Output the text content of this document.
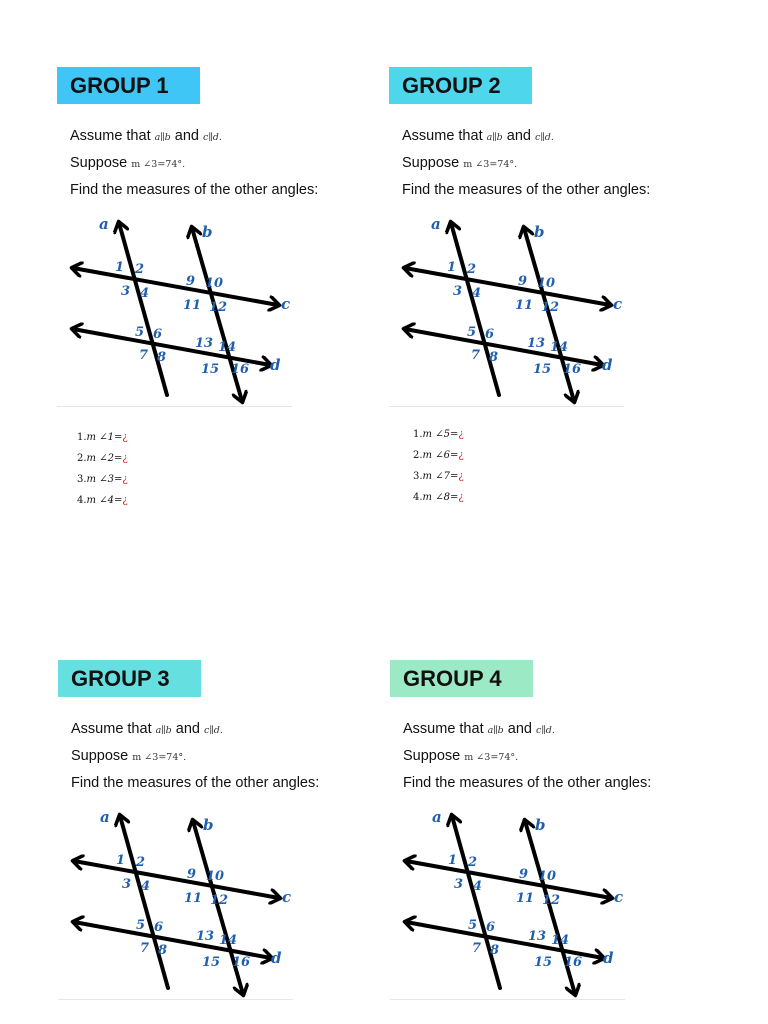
GROUP 1
Assume that a∥b and c∥d.
Suppose m ∠3=74°.
Find the measures of the other angles:
a	b
c
d
1 2
3 4
5 6
7 8
9 10
11 12
13 14
15 16
1.m ∠1=¿
2.m ∠2=¿
3.m ∠3=¿
4.m ∠4=¿
GROUP 2
Assume that a∥b and c∥d.
Suppose m ∠3=74°.
Find the measures of the other angles:
a	b
c
d
1 2
3 4
5 6
7 8
9 10
11 12
13 14
15 16
1.m ∠5=¿
2.m ∠6=¿
3.m ∠7=¿
4.m ∠8=¿
GROUP 3
Assume that a∥b and c∥d.
Suppose m ∠3=74°.
Find the measures of the other angles:
a	b
c
d
1 2
3 4
5 6
7 8
9 10
11 12
13 14
15 16
GROUP 4
Assume that a∥b and c∥d.
Suppose m ∠3=74°.
Find the measures of the other angles:
a	b
c
d
1 2
3 4
5 6
7 8
9 10
11 12
13 14
15 16
